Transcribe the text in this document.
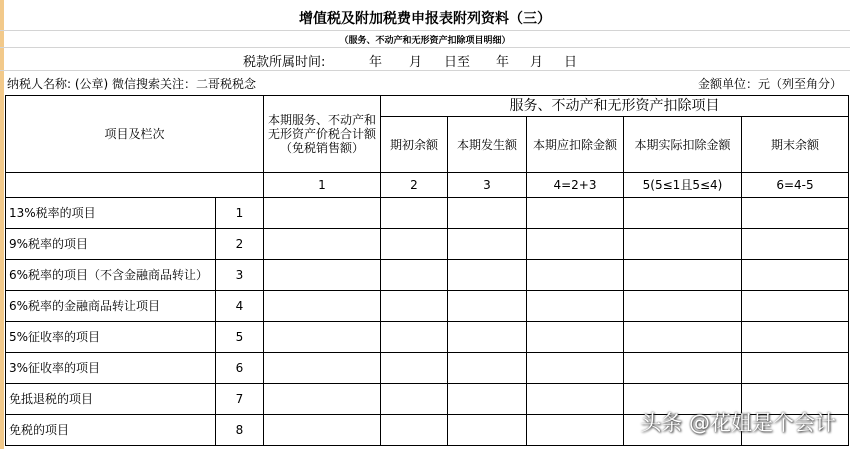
增值税及附加税费申报表附列资料（三）
（服务、不动产和无形资产扣除项目明细）
税款所属时间:	年 月 日至 年 月 日
纳税人名称: (公章) 微信搜索关注：二哥税税念	金额单位：元（列至角分）
项目及栏次		本期服务、不动产和无形资产价税合计额（免税销售额）	服务、不动产和无形资产扣除项目				
			期初余额	本期发生额	本期应扣除金额	本期实际扣除金额	期末余额
		1	2	3	4=2+3	5(5≤1且5≤4)	6=4-5
13%税率的项目	1						
9%税率的项目	2						
6%税率的项目（不含金融商品转让）	3						
6%税率的金融商品转让项目	4						
5%征收率的项目	5						
3%征收率的项目	6						
免抵退税的项目	7						
免税的项目	8							头条 @花姐是个会计
